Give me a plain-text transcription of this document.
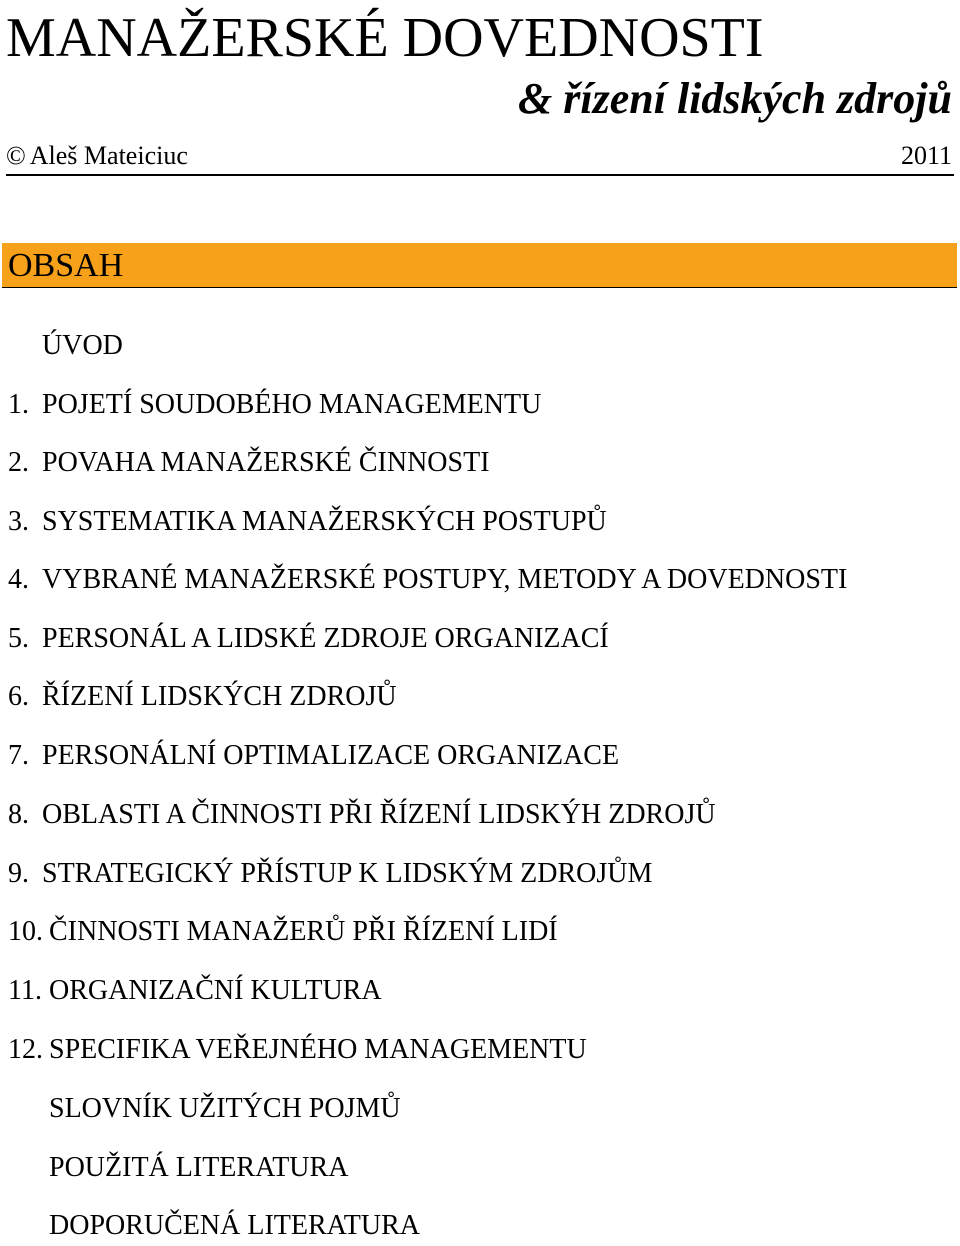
MANAŽERSKÉ DOVEDNOSTI
& řízení lidských zdrojů
© Aleš Mateiciuc	2011
OBSAH
ÚVOD
1. POJETÍ SOUDOBÉHO MANAGEMENTU
2. POVAHA MANAŽERSKÉ ČINNOSTI
3. SYSTEMATIKA MANAŽERSKÝCH POSTUPŮ
4. VYBRANÉ MANAŽERSKÉ POSTUPY, METODY A DOVEDNOSTI
5. PERSONÁL A LIDSKÉ ZDROJE ORGANIZACÍ
6. ŘÍZENÍ LIDSKÝCH ZDROJŮ
7. PERSONÁLNÍ OPTIMALIZACE ORGANIZACE
8. OBLASTI A ČINNOSTI PŘI ŘÍZENÍ LIDSKÝH ZDROJŮ
9. STRATEGICKÝ PŘÍSTUP K LIDSKÝM ZDROJŮM
10. ČINNOSTI MANAŽERŮ PŘI ŘÍZENÍ LIDÍ
11. ORGANIZAČNÍ KULTURA
12. SPECIFIKA VEŘEJNÉHO MANAGEMENTU
SLOVNÍK UŽITÝCH POJMŮ
POUŽITÁ LITERATURA
DOPORUČENÁ LITERATURA
